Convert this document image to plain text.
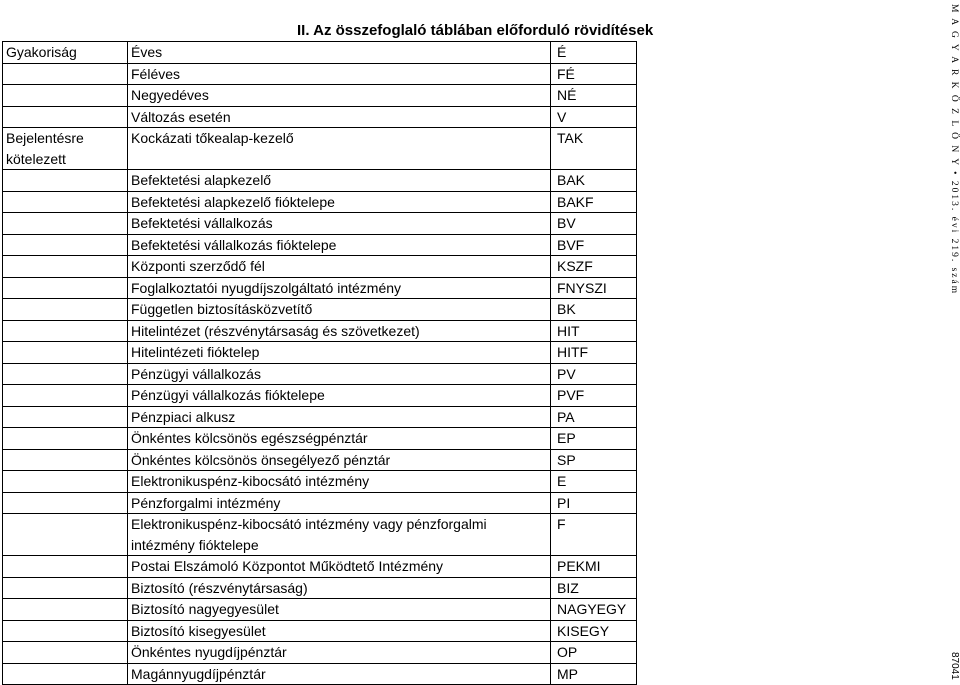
II. Az összefoglaló táblában előforduló rövidítések
Gyakoriság	Éves	É
	Féléves	FÉ
	Negyedéves	NÉ
	Változás esetén	V
Bejelentésre kötelezett	Kockázati tőkealap-kezelő	TAK
	Befektetési alapkezelő	BAK
	Befektetési alapkezelő fióktelepe	BAKF
	Befektetési vállalkozás	BV
	Befektetési vállalkozás fióktelepe	BVF
	Központi szerződő fél	KSZF
	Foglalkoztatói nyugdíjszolgáltató intézmény	FNYSZI
	Független biztosításközvetítő	BK
	Hitelintézet (részvénytársaság és szövetkezet)	HIT
	Hitelintézeti fióktelep	HITF
	Pénzügyi vállalkozás	PV
	Pénzügyi vállalkozás fióktelepe	PVF
	Pénzpiaci alkusz	PA
	Önkéntes kölcsönös egészségpénztár	EP
	Önkéntes kölcsönös önsegélyező pénztár	SP
	Elektronikuspénz-kibocsátó intézmény	E
	Pénzforgalmi intézmény	PI
	Elektronikuspénz-kibocsátó intézmény vagy pénzforgalmi intézmény fióktelepe	F
	Postai Elszámoló Központot Működtető Intézmény	PEKMI
	Biztosító (részvénytársaság)	BIZ
	Biztosító nagyegyesület	NAGYEGY
	Biztosító kisegyesület	KISEGY
	Önkéntes nyugdíjpénztár	OP
	Magánnyugdíjpénztár	MP
M A G Y A R K Ö Z L Ö N Y • 2013. évi 219. szám
87041
